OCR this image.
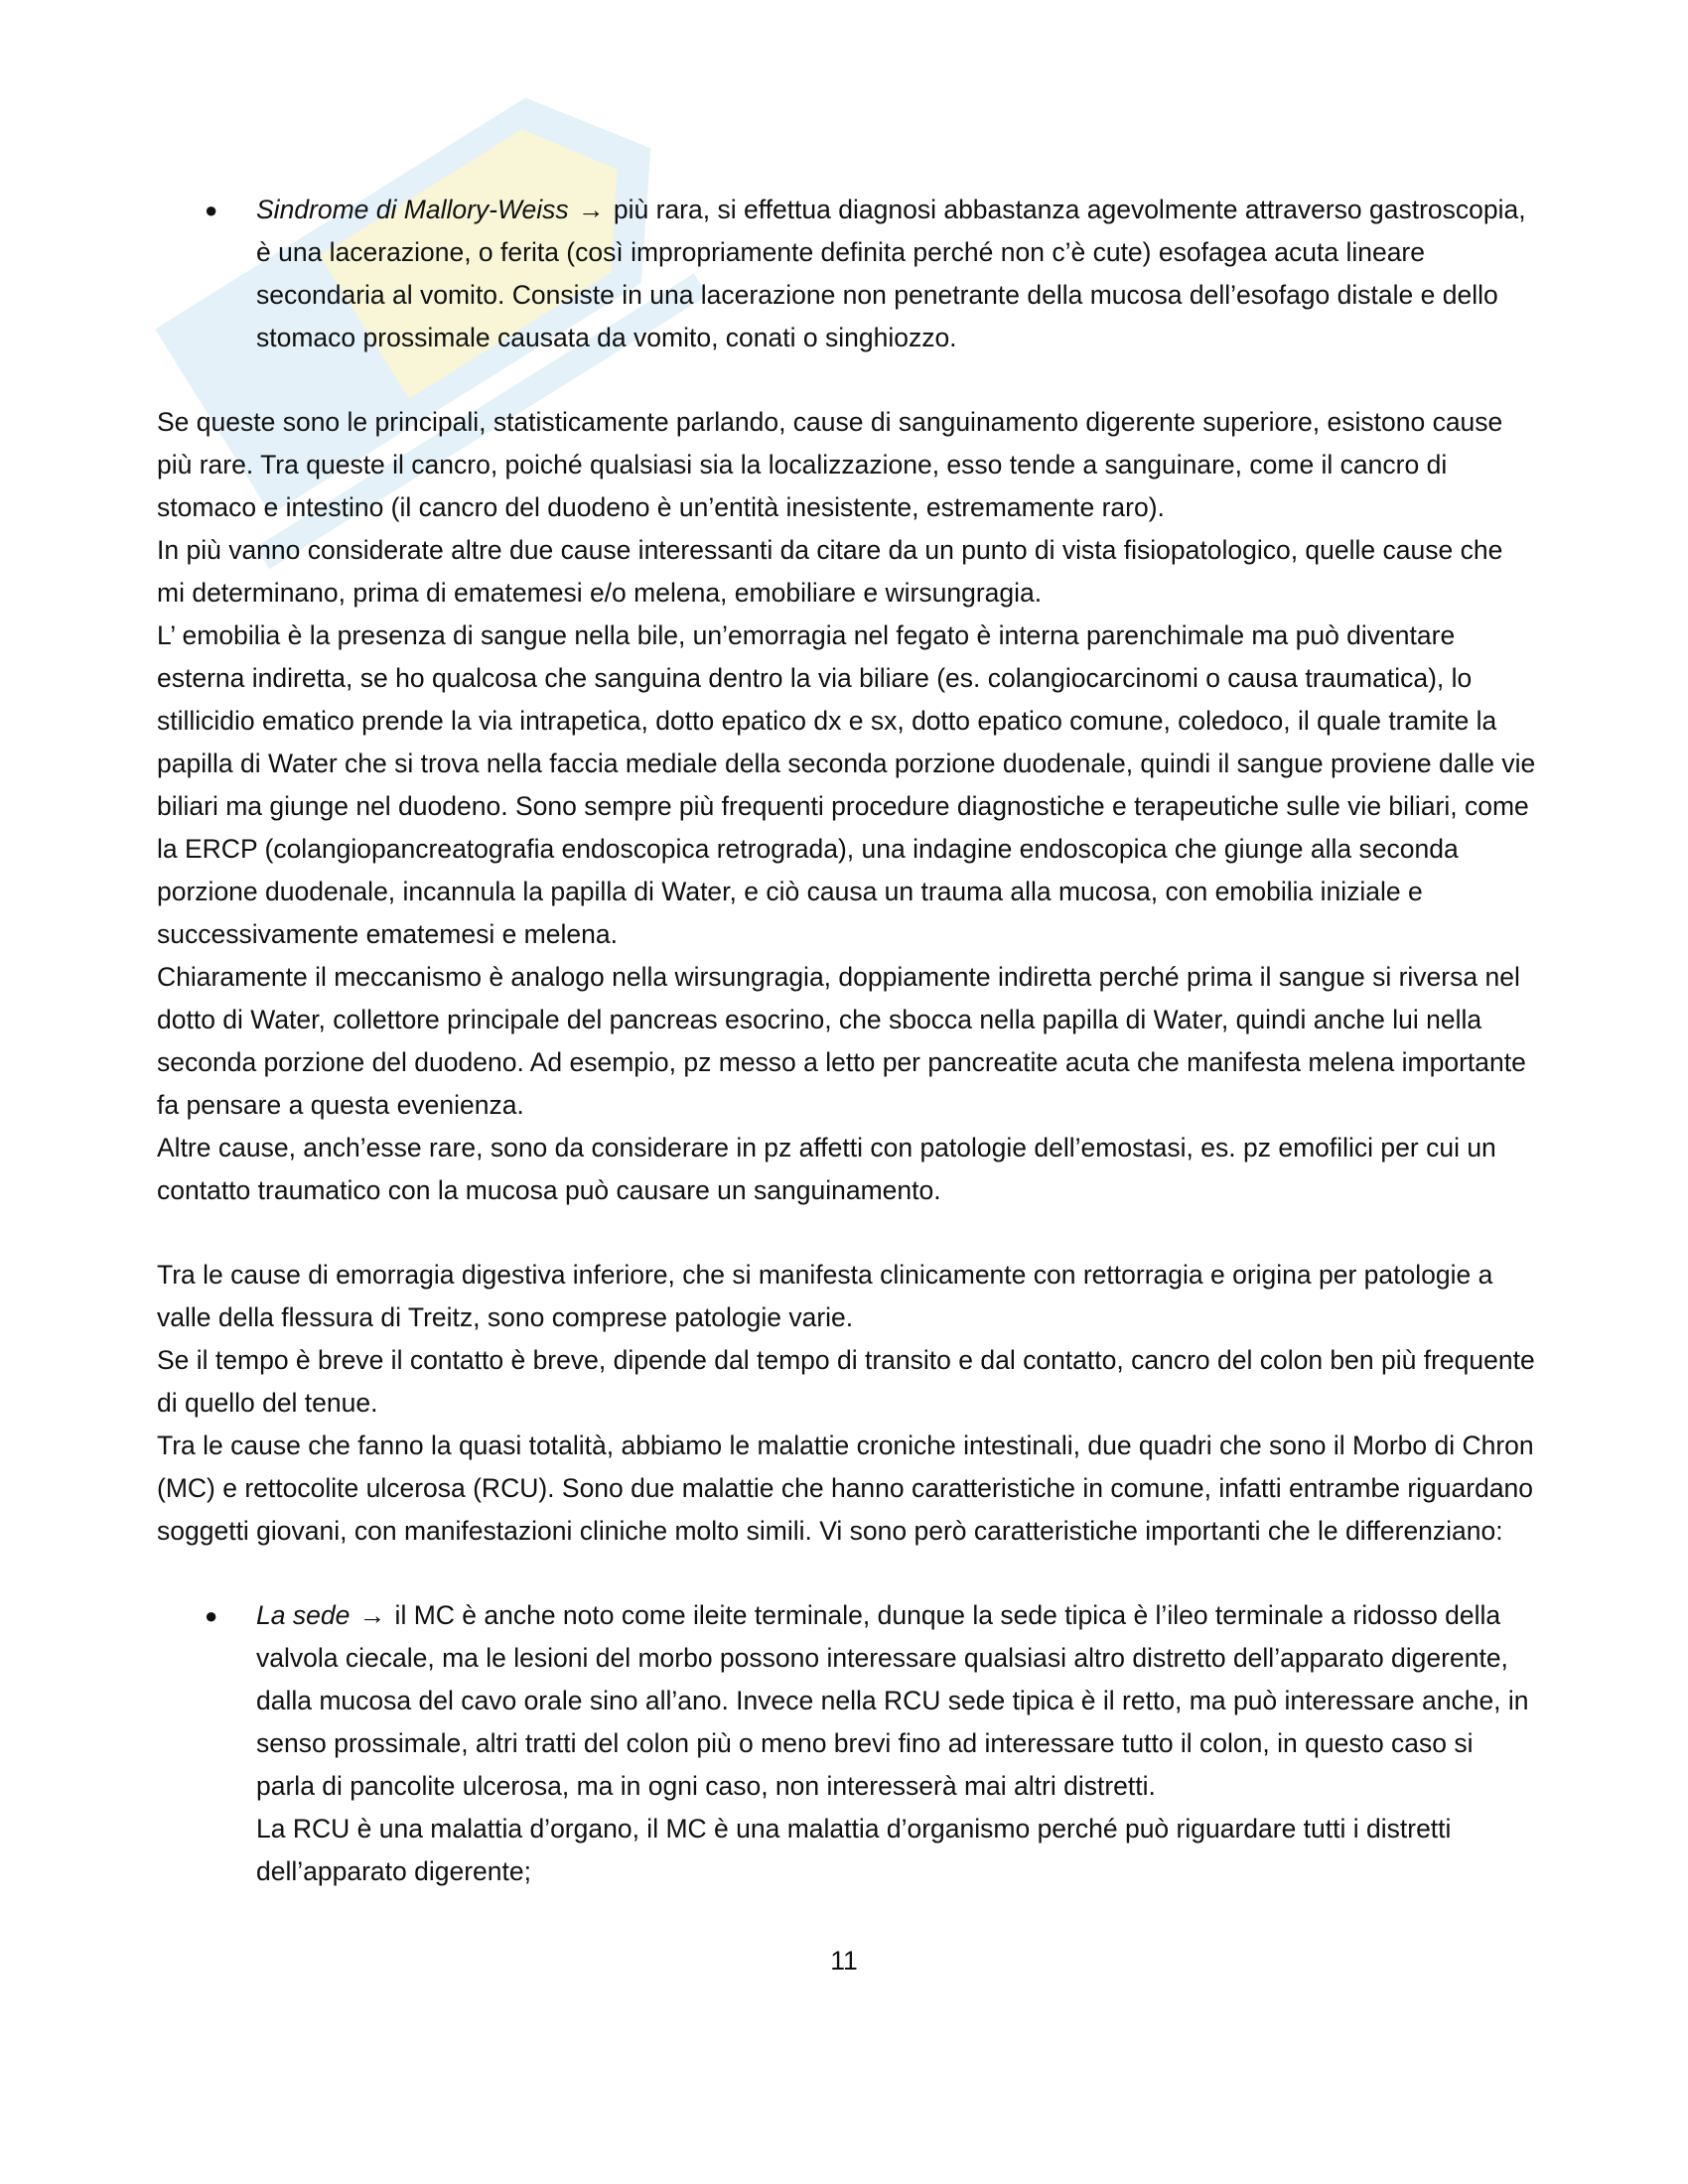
● Sindrome di Mallory-Weiss → più rara, si effettua diagnosi abbastanza agevolmente attraverso gastroscopia, è una lacerazione, o ferita (così impropriamente definita perché non c’è cute) esofagea acuta lineare secondaria al vomito. Consiste in una lacerazione non penetrante della mucosa dell’esofago distale e dello stomaco prossimale causata da vomito, conati o singhiozzo.

Se queste sono le principali, statisticamente parlando, cause di sanguinamento digerente superiore, esistono cause più rare. Tra queste il cancro, poiché qualsiasi sia la localizzazione, esso tende a sanguinare, come il cancro di stomaco e intestino (il cancro del duodeno è un’entità inesistente, estremamente raro).

In più vanno considerate altre due cause interessanti da citare da un punto di vista fisiopatologico, quelle cause che mi determinano, prima di ematemesi e/o melena, emobiliare e wirsungragia.

L’ emobilia è la presenza di sangue nella bile, un’emorragia nel fegato è interna parenchimale ma può diventare esterna indiretta, se ho qualcosa che sanguina dentro la via biliare (es. colangiocarcinomi o causa traumatica), lo stillicidio ematico prende la via intrapetica, dotto epatico dx e sx, dotto epatico comune, coledoco, il quale tramite la papilla di Water che si trova nella faccia mediale della seconda porzione duodenale, quindi il sangue proviene dalle vie biliari ma giunge nel duodeno. Sono sempre più frequenti procedure diagnostiche e terapeutiche sulle vie biliari, come la ERCP (colangiopancreatografia endoscopica retrograda), una indagine endoscopica che giunge alla seconda porzione duodenale, incannula la papilla di Water, e ciò causa un trauma alla mucosa, con emobilia iniziale e successivamente ematemesi e melena.

Chiaramente il meccanismo è analogo nella wirsungragia, doppiamente indiretta perché prima il sangue si riversa nel dotto di Water, collettore principale del pancreas esocrino, che sbocca nella papilla di Water, quindi anche lui nella seconda porzione del duodeno. Ad esempio, pz messo a letto per pancreatite acuta che manifesta melena importante fa pensare a questa evenienza.

Altre cause, anch’esse rare, sono da considerare in pz affetti con patologie dell’emostasi, es. pz emofilici per cui un contatto traumatico con la mucosa può causare un sanguinamento.

Tra le cause di emorragia digestiva inferiore, che si manifesta clinicamente con rettorragia e origina per patologie a valle della flessura di Treitz, sono comprese patologie varie.

Se il tempo è breve il contatto è breve, dipende dal tempo di transito e dal contatto, cancro del colon ben più frequente di quello del tenue.

Tra le cause che fanno la quasi totalità, abbiamo le malattie croniche intestinali, due quadri che sono il Morbo di Chron (MC) e rettocolite ulcerosa (RCU). Sono due malattie che hanno caratteristiche in comune, infatti entrambe riguardano soggetti giovani, con manifestazioni cliniche molto simili. Vi sono però caratteristiche importanti che le differenziano:

● La sede → il MC è anche noto come ileite terminale, dunque la sede tipica è l’ileo terminale a ridosso della valvola ciecale, ma le lesioni del morbo possono interessare qualsiasi altro distretto dell’apparato digerente, dalla mucosa del cavo orale sino all’ano. Invece nella RCU sede tipica è il retto, ma può interessare anche, in senso prossimale, altri tratti del colon più o meno brevi fino ad interessare tutto il colon, in questo caso si parla di pancolite ulcerosa, ma in ogni caso, non interesserà mai altri distretti.
La RCU è una malattia d’organo, il MC è una malattia d’organismo perché può riguardare tutti i distretti dell’apparato digerente;
11
